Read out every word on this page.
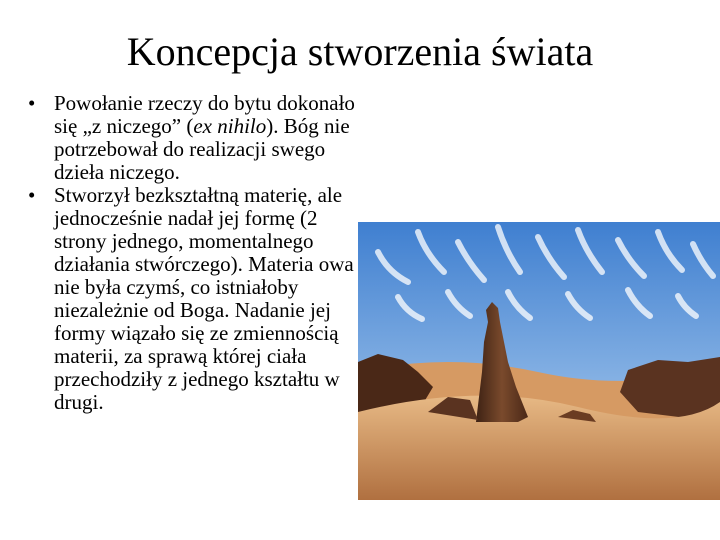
Koncepcja stworzenia świata
• Powołanie rzeczy do bytu dokonało się „z niczego” (ex nihilo). Bóg nie potrzebował do realizacji swego dzieła niczego.
• Stworzył bezkształtną materię, ale jednocześnie nadał jej formę (2 strony jednego, momentalnego działania stwórczego). Materia owa nie była czymś, co istniałoby niezależnie od Boga. Nadanie jej formy wiązało się ze zmiennością materii, za sprawą której ciała przechodziły z jednego kształtu w drugi.
